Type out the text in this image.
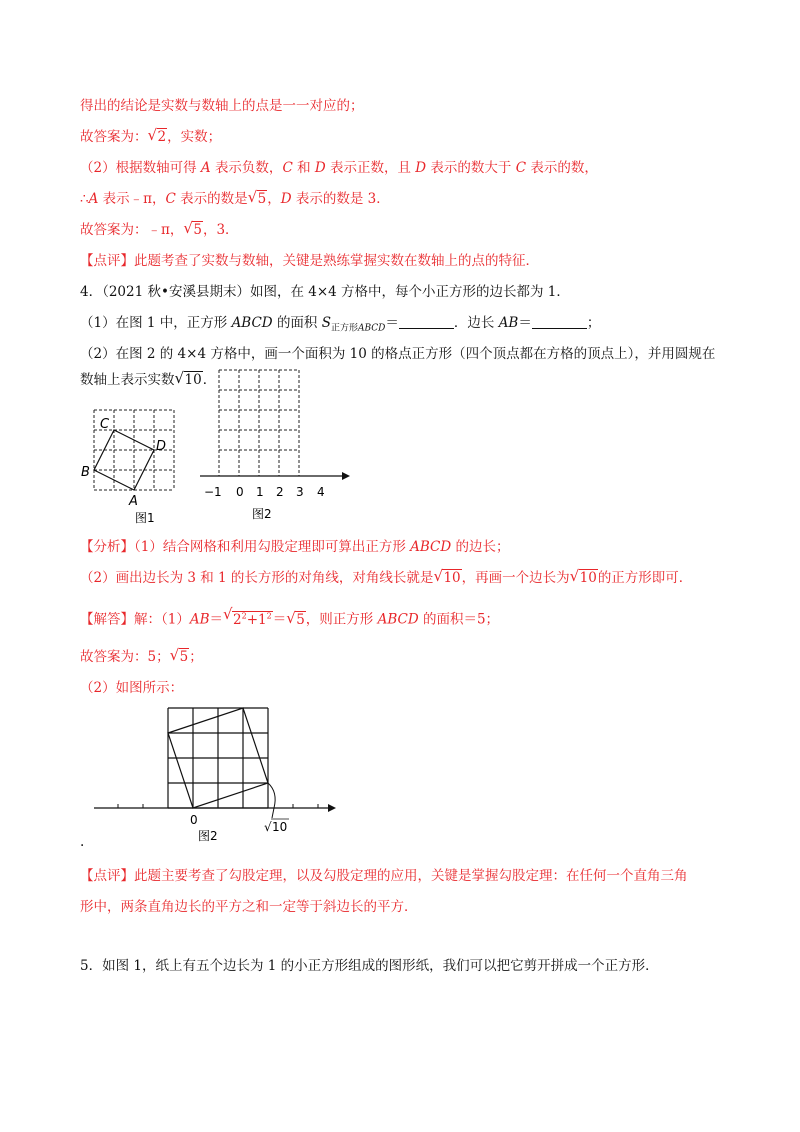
得出的结论是实数与数轴上的点是一一对应的；
故答案为： √ 2，实数；
（2）根据数轴可得 A 表示负数，C 和 D 表示正数，且 D 表示的数大于 C 表示的数，
∴A 表示﹣π，C 表示的数是 √ 5，D 表示的数是 3．
故答案为：﹣π， √ 5，3．
【点评】此题考查了实数与数轴，关键是熟练掌握实数在数轴上的点的特征．
4．（2021 秋•安溪县期末）如图，在 4×4 方格中，每个小正方形的边长都为 1．
（1）在图 1 中，正方形 ABCD 的面积 $S_{正方形ABCD}=$	．边长 AB＝	；
（2）在图 2 的 4×4 方格中，画一个面积为 10 的格点正方形（四个顶点都在方格的顶点上），并用圆规在
数轴上表示实数 √ 10．
C
D
B
A
图1
−1 0 1 2 3 4
图2
【分析】（1）结合网格和利用勾股定理即可算出正方形 ABCD 的边长；
（2）画出边长为 3 和 1 的长方形的对角线，对角线长就是 √ 10，再画一个边长为 √ 10的正方形即可．
【解答】解：（1）AB＝ √ $2^2+1^2=$ √ 5，则正方形 ABCD 的面积＝5；
故答案为：5； √ 5；
（2）如图所示：
0
图2
√ 10
.
【点评】此题主要考查了勾股定理，以及勾股定理的应用，关键是掌握勾股定理：在任何一个直角三角
形中，两条直角边长的平方之和一定等于斜边长的平方．
5．如图 1，纸上有五个边长为 1 的小正方形组成的图形纸，我们可以把它剪开拼成一个正方形．
